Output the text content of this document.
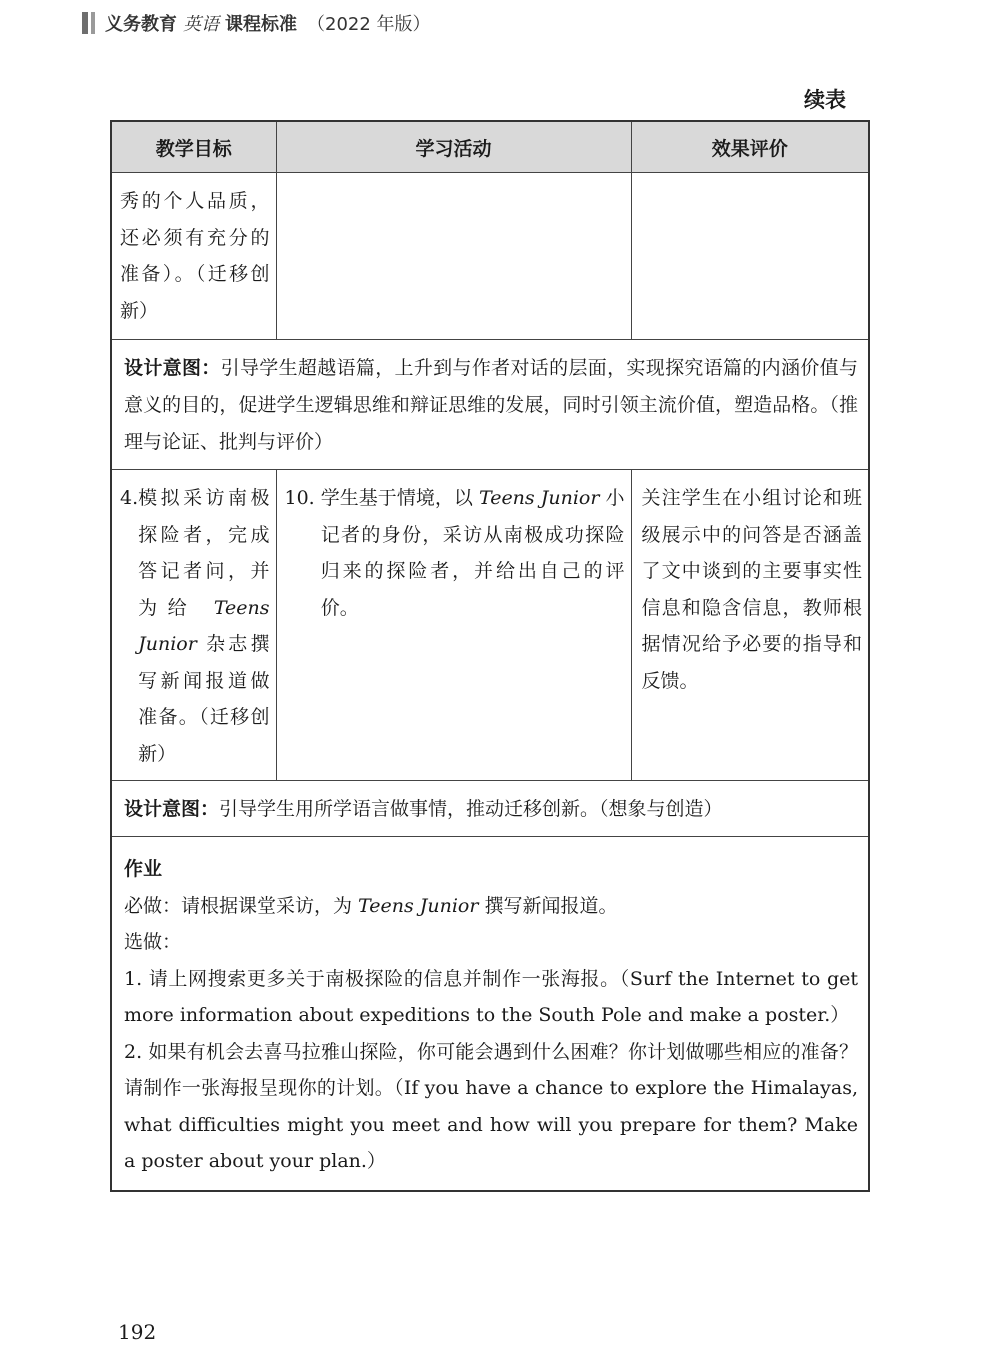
义务教育 英语 课程标准 （2022 年版）
续表
教学目标	学习活动	效果评价

秀的个人品质，还必须有充分的准备）。（迁移创新）		

设计意图：引导学生超越语篇，上升到与作者对话的层面，实现探究语篇的内涵价值与意义的目的，促进学生逻辑思维和辩证思维的发展，同时引领主流价值，塑造品格。（推理与论证、批判与评价）		

4. 模拟采访南极探险者，完成答记者问，并为给 Teens Junior 杂志撰写新闻报道做准备。（迁移创新）	10. 学生基于情境，以 Teens Junior 小记者的身份，采访从南极成功探险归来的探险者，并给出自己的评价。	关注学生在小组讨论和班级展示中的问答是否涵盖了文中谈到的主要事实性信息和隐含信息，教师根据情况给予必要的指导和反馈。

设计意图：引导学生用所学语言做事情，推动迁移创新。（想象与创造）		

作业
必做：请根据课堂采访，为 Teens Junior 撰写新闻报道。
选做：
1. 请上网搜索更多关于南极探险的信息并制作一张海报。（Surf the Internet to get more information about expeditions to the South Pole and make a poster.）
2. 如果有机会去喜马拉雅山探险，你可能会遇到什么困难？你计划做哪些相应的准备？请制作一张海报呈现你的计划。（If you have a chance to explore the Himalayas, what difficulties might you meet and how will you prepare for them? Make a poster about your plan.）		
192
